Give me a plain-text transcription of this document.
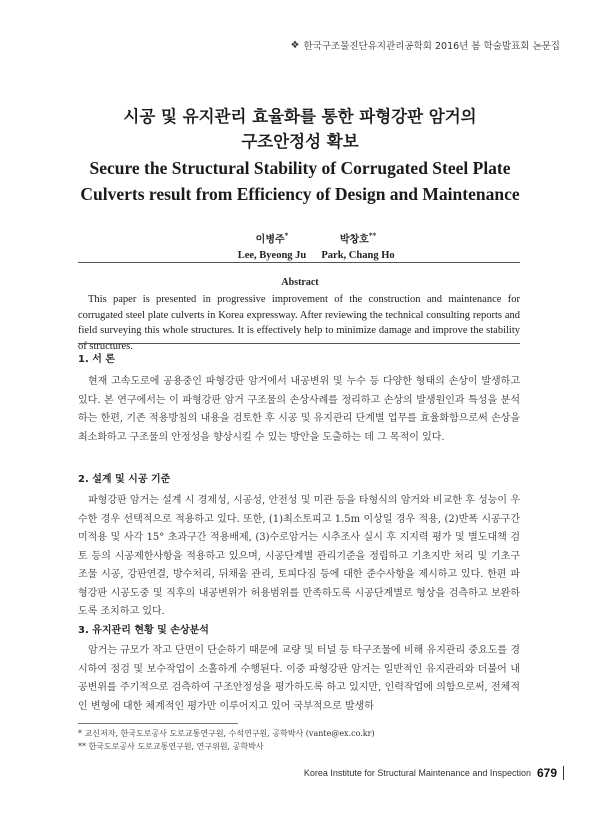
❖ 한국구조물진단유지관리공학회 2016년 봄 학술발표회 논문집
시공 및 유지관리 효율화를 통한 파형강판 암거의
구조안정성 확보
Secure the Structural Stability of Corrugated Steel Plate
Culverts result from Efficiency of Design and Maintenance
이병주*
Lee, Byeong Ju
박창호**
Park, Chang Ho
Abstract
This paper is presented in progressive improvement of the construction and maintenance for corrugated steel plate culverts in Korea expressway. After reviewing the technical consulting reports and field surveying this whole structures. It is effectively help to minimize damage and improve the stability of structures.
1. 서 론
현재 고속도로에 공용중인 파형강판 암거에서 내공변위 및 누수 등 다양한 형태의 손상이 발생하고 있다. 본 연구에서는 이 파형강판 암거 구조물의 손상사례를 정리하고 손상의 발생원인과 특성을 분석하는 한편, 기존 적용방침의 내용을 검토한 후 시공 및 유지관리 단계별 업무를 효율화함으로써 손상을 최소화하고 구조물의 안정성을 향상시킬 수 있는 방안을 도출하는 데 그 목적이 있다.
2. 설계 및 시공 기준
파형강판 암거는 설계 시 경제성, 시공성, 안전성 및 미관 등을 타형식의 암거와 비교한 후 성능이 우수한 경우 선택적으로 적용하고 있다. 또한, (1)최소토피고 1.5m 이상일 경우 적용, (2)반폭 시공구간 미적용 및 사각 15° 초과구간 적용배제, (3)수로암거는 시추조사 실시 후 지지력 평가 및 별도대책 검토 등의 시공제한사항을 적용하고 있으며, 시공단계별 관리기준을 정립하고 기초지반 처리 및 기초구조물 시공, 강판연결, 방수처리, 뒤채움 관리, 토피다짐 등에 대한 준수사항을 제시하고 있다. 한편 파형강판 시공도중 및 직후의 내공변위가 허용범위를 만족하도록 시공단계별로 형상을 검측하고 보완하도록 조치하고 있다.
3. 유지관리 현황 및 손상분석
암거는 규모가 작고 단면이 단순하기 때문에 교량 및 터널 등 타구조물에 비해 유지관리 중요도를 경시하여 점검 및 보수작업이 소홀하게 수행된다. 이중 파형강판 암거는 일반적인 유지관리와 더불어 내공변위를 주기적으로 검측하여 구조안정성을 평가하도록 하고 있지만, 인력작업에 의함으로써, 전체적인 변형에 대한 체계적인 평가만 이루어지고 있어 국부적으로 발생하
* 교신저자, 한국도로공사 도로교통연구원, 수석연구원, 공학박사 (vante@ex.co.kr)
** 한국도로공사 도로교통연구원, 연구위원, 공학박사
Korea Institute for Structural Maintenance and Inspection 679
